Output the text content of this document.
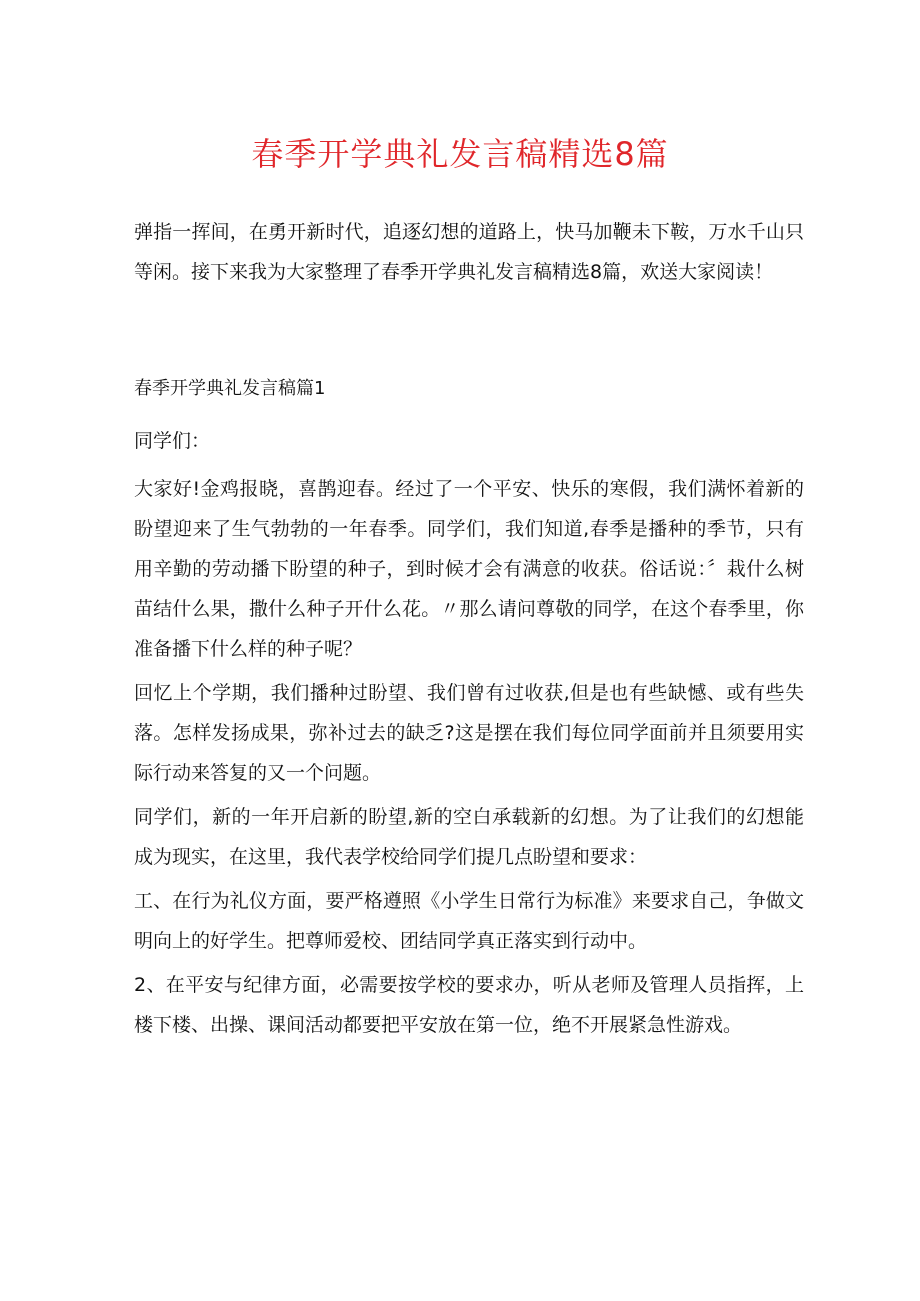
春季开学典礼发言稿精选8篇

弹指一挥间，在勇开新时代，追逐幻想的道路上，快马加鞭未下鞍，万水千山只等闲。接下来我为大家整理了春季开学典礼发言稿精选8篇，欢送大家阅读！

春季开学典礼发言稿篇1

同学们：

大家好!金鸡报晓，喜鹊迎春。经过了一个平安、快乐的寒假，我们满怀着新的盼望迎来了生气勃勃的一年春季。同学们，我们知道,春季是播种的季节，只有用辛勤的劳动播下盼望的种子，到时候才会有满意的收获。俗话说：〞栽什么树苗结什么果，撒什么种子开什么花。〃那么请问尊敬的同学，在这个春季里，你准备播下什么样的种子呢？

回忆上个学期，我们播种过盼望、我们曾有过收获,但是也有些缺憾、或有些失落。怎样发扬成果，弥补过去的缺乏?这是摆在我们每位同学面前并且须要用实际行动来答复的又一个问题。

同学们，新的一年开启新的盼望,新的空白承载新的幻想。为了让我们的幻想能成为现实，在这里，我代表学校给同学们提几点盼望和要求：

工、在行为礼仪方面，要严格遵照《小学生日常行为标准》来要求自己，争做文明向上的好学生。把尊师爱校、团结同学真正落实到行动中。

2、在平安与纪律方面，必需要按学校的要求办，听从老师及管理人员指挥，上楼下楼、出操、课间活动都要把平安放在第一位，绝不开展紧急性游戏。
